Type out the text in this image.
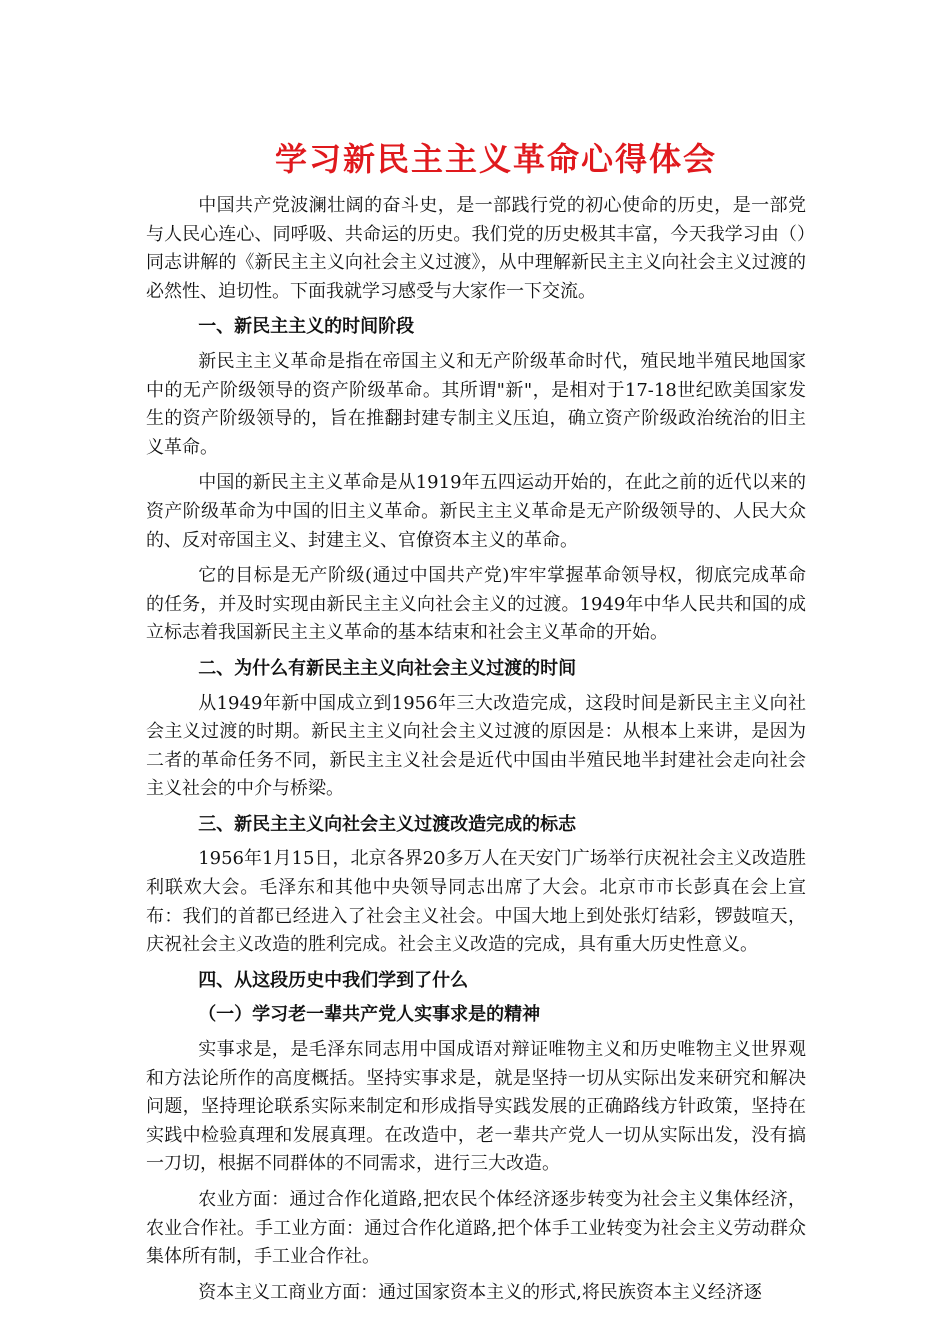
学习新民主主义革命心得体会

中国共产党波澜壮阔的奋斗史，是一部践行党的初心使命的历史，是一部党与人民心连心、同呼吸、共命运的历史。我们党的历史极其丰富，今天我学习由（）同志讲解的《新民主主义向社会主义过渡》，从中理解新民主主义向社会主义过渡的必然性、迫切性。下面我就学习感受与大家作一下交流。

一、新民主主义的时间阶段

新民主主义革命是指在帝国主义和无产阶级革命时代，殖民地半殖民地国家中的无产阶级领导的资产阶级革命。其所谓"新"，是相对于17-18世纪欧美国家发生的资产阶级领导的，旨在推翻封建专制主义压迫，确立资产阶级政治统治的旧主义革命。

中国的新民主主义革命是从1919年五四运动开始的，在此之前的近代以来的资产阶级革命为中国的旧主义革命。新民主主义革命是无产阶级领导的、人民大众的、反对帝国主义、封建主义、官僚资本主义的革命。

它的目标是无产阶级(通过中国共产党)牢牢掌握革命领导权，彻底完成革命的任务，并及时实现由新民主主义向社会主义的过渡。1949年中华人民共和国的成立标志着我国新民主主义革命的基本结束和社会主义革命的开始。

二、为什么有新民主主义向社会主义过渡的时间

从1949年新中国成立到1956年三大改造完成，这段时间是新民主主义向社会主义过渡的时期。新民主主义向社会主义过渡的原因是：从根本上来讲，是因为二者的革命任务不同，新民主主义社会是近代中国由半殖民地半封建社会走向社会主义社会的中介与桥梁。

三、新民主主义向社会主义过渡改造完成的标志

1956年1月15日，北京各界20多万人在天安门广场举行庆祝社会主义改造胜利联欢大会。毛泽东和其他中央领导同志出席了大会。北京市市长彭真在会上宣布：我们的首都已经进入了社会主义社会。中国大地上到处张灯结彩，锣鼓喧天，庆祝社会主义改造的胜利完成。社会主义改造的完成，具有重大历史性意义。

四、从这段历史中我们学到了什么
（一）学习老一辈共产党人实事求是的精神

实事求是，是毛泽东同志用中国成语对辩证唯物主义和历史唯物主义世界观和方法论所作的高度概括。坚持实事求是，就是坚持一切从实际出发来研究和解决问题，坚持理论联系实际来制定和形成指导实践发展的正确路线方针政策，坚持在实践中检验真理和发展真理。在改造中，老一辈共产党人一切从实际出发，没有搞一刀切，根据不同群体的不同需求，进行三大改造。

农业方面：通过合作化道路,把农民个体经济逐步转变为社会主义集体经济，农业合作社。手工业方面：通过合作化道路,把个体手工业转变为社会主义劳动群众集体所有制，手工业合作社。

资本主义工商业方面：通过国家资本主义的形式,将民族资本主义经济逐
